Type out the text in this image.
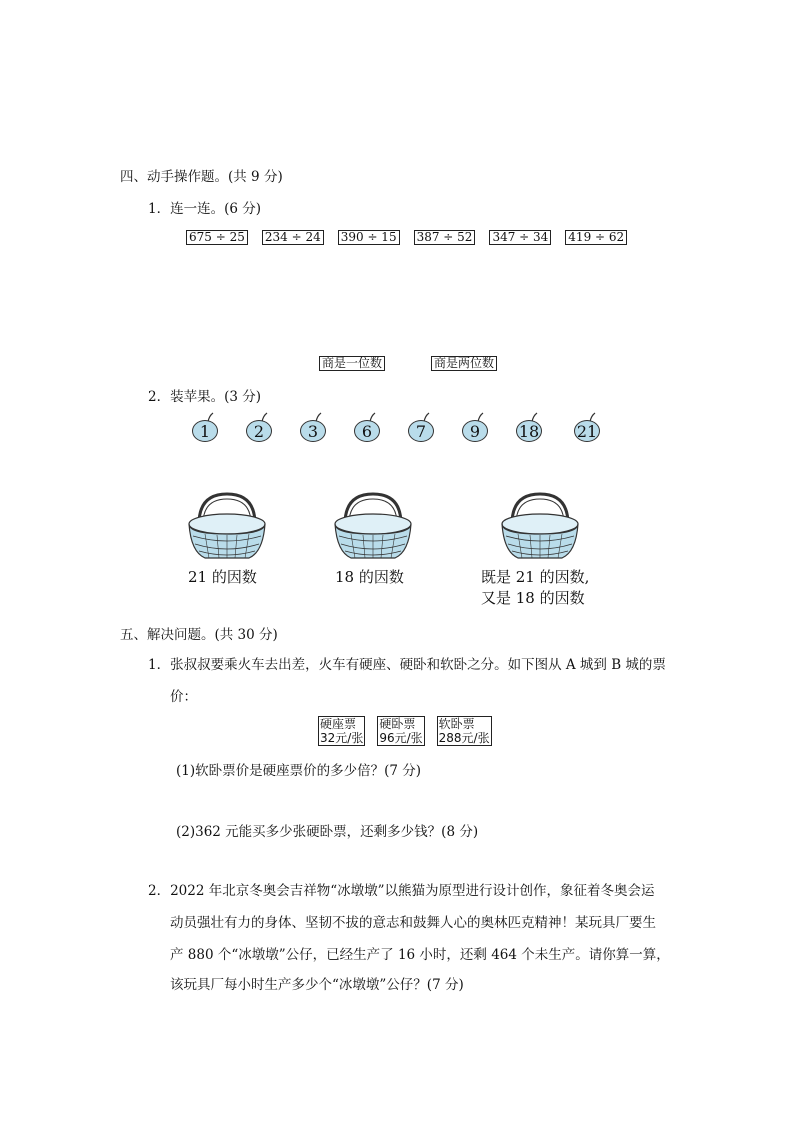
四、动手操作题。(共 9 分)
1．连一连。(6 分)
675 ÷ 25 234 ÷ 24 390 ÷ 15 387 ÷ 52 347 ÷ 34 419 ÷ 62
商是一位数	商是两位数
2．装苹果。(3 分)
1	2	3	6	7	9	18 21
21 的因数	18 的因数	既是 21 的因数,
又是 18 的因数
五、解决问题。(共 30 分)
1．张叔叔要乘火车去出差，火车有硬座、硬卧和软卧之分。如下图从 A 城到 B 城的票
价：
硬座票
32元/张
硬卧票
96元/张
软卧票
288元/张
(1)软卧票价是硬座票价的多少倍？(7 分)
(2)362 元能买多少张硬卧票，还剩多少钱？(8 分)
2．2022 年北京冬奥会吉祥物“冰墩墩”以熊猫为原型进行设计创作，象征着冬奥会运
动员强壮有力的身体、坚韧不拔的意志和鼓舞人心的奥林匹克精神！某玩具厂要生
产 880 个“冰墩墩”公仔，已经生产了 16 小时，还剩 464 个未生产。请你算一算，
该玩具厂每小时生产多少个“冰墩墩”公仔？(7 分)
